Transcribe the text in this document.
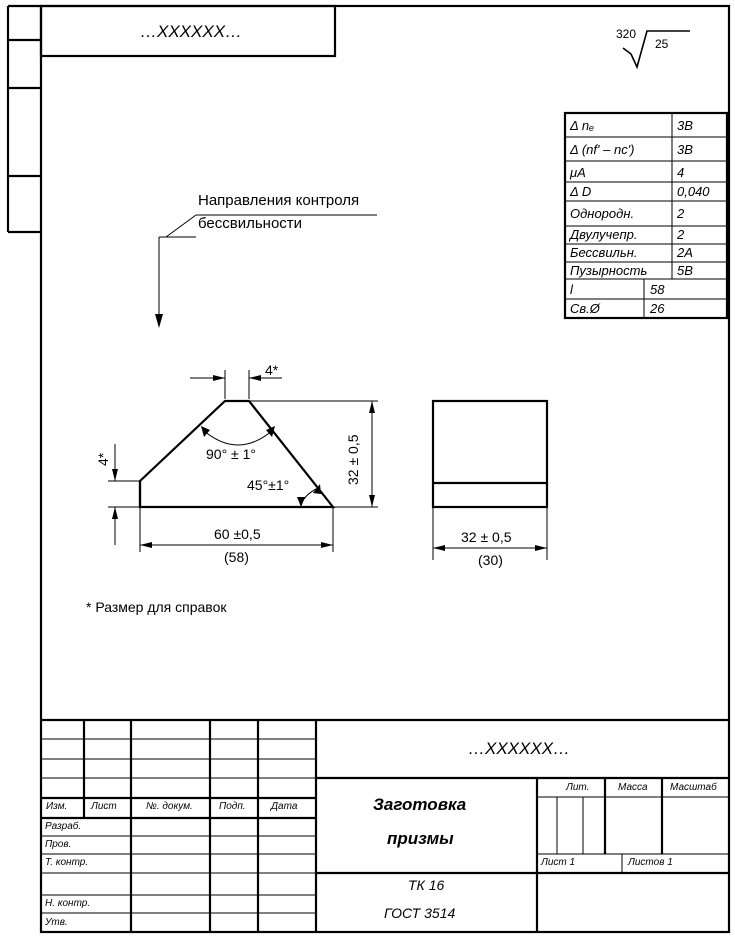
…XXXXXX…	320
25
Δ nₑ	3В
Δ (nf' – nc')	3В
μA	4
Δ D	0,040
Однородн.	2
Двулучепр.	2
Бессвильн.	2А
Пузырность 5В
l	58
Св.Ø	26
Направления контроля
бессвильности
4*
4*	90° ± 1°
45°±1°	32 ± 0,5
60 ±0,5
(58)
32 ± 0,5
(30)
* Размер для справок
…XXXXXX…
Изм. Лист	№. докум.	Подп.	Дата
Разраб.
Пров.
Т. контр.
Н. контр.
Утв.
Заготовка
призмы
Лит.	Масса Масштаб
Лист 1	Листов 1
ТК 16
ГОСТ 3514
